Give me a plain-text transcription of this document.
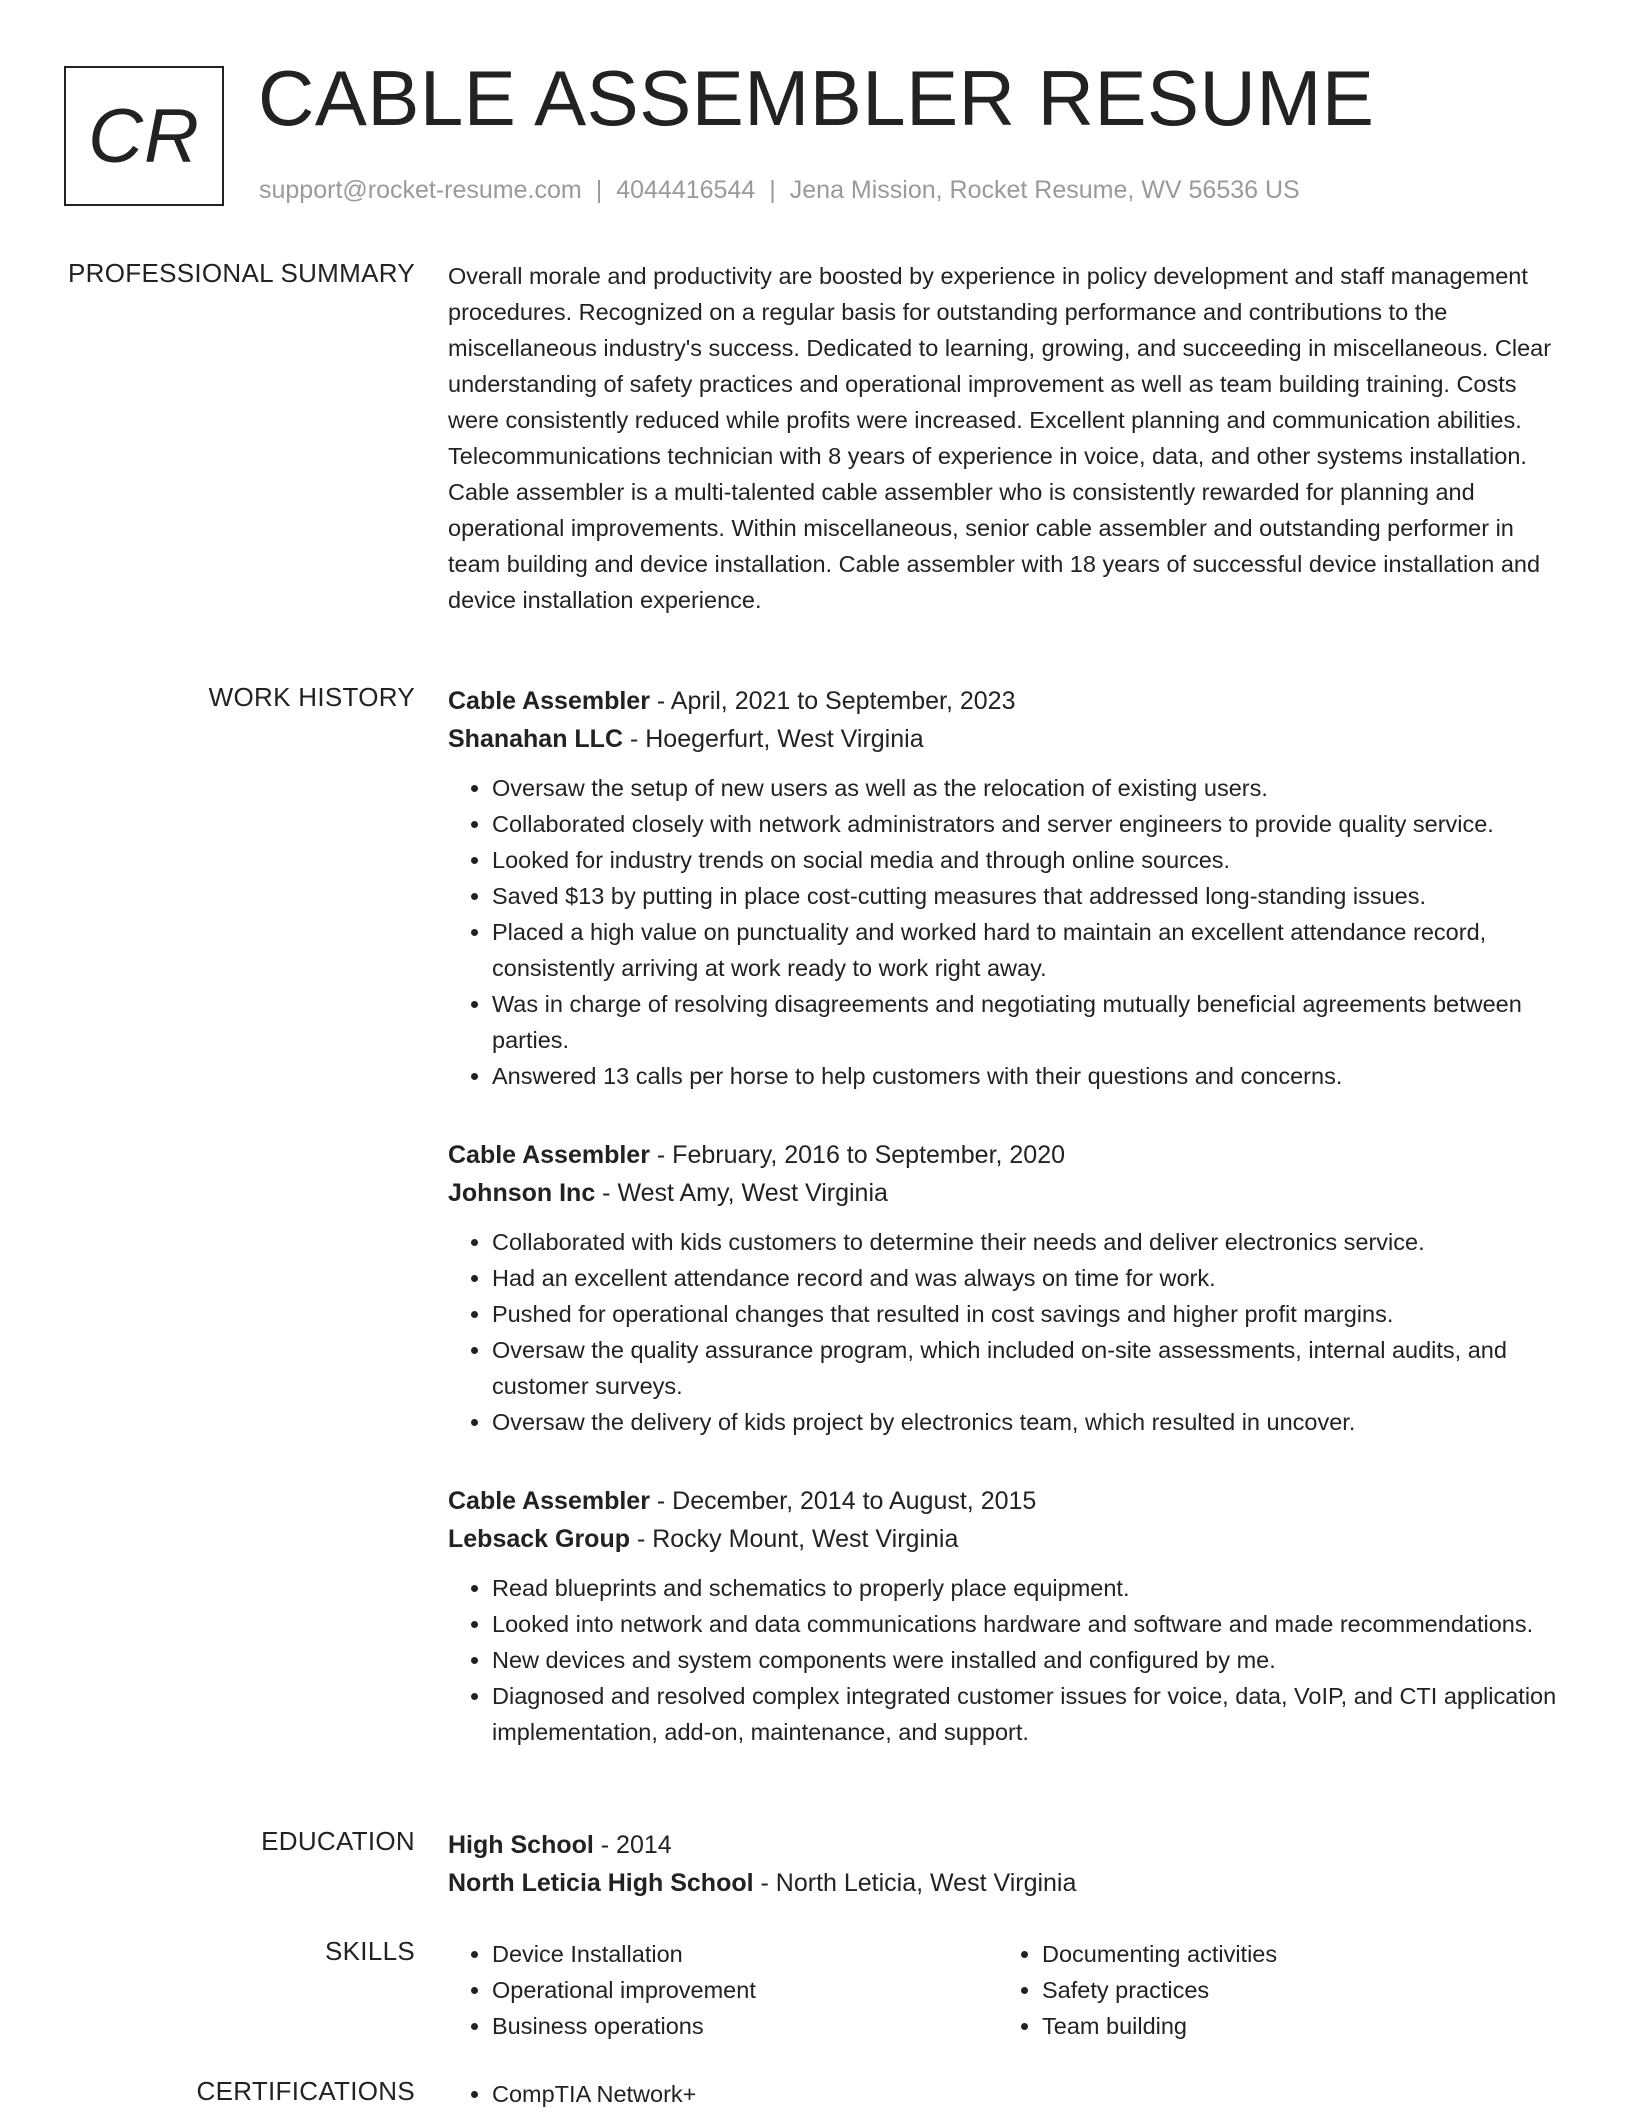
CR CABLE ASSEMBLER RESUME
support@rocket-resume.com | 4044416544 | Jena Mission, Rocket Resume, WV 56536 US
PROFESSIONAL SUMMARY Overall morale and productivity are boosted by experience in policy development and staff management procedures. Recognized on a regular basis for outstanding performance and contributions to the miscellaneous industry's success. Dedicated to learning, growing, and succeeding in miscellaneous. Clear understanding of safety practices and operational improvement as well as team building training. Costs were consistently reduced while profits were increased. Excellent planning and communication abilities. Telecommunications technician with 8 years of experience in voice, data, and other systems installation. Cable assembler is a multi-talented cable assembler who is consistently rewarded for planning and operational improvements. Within miscellaneous, senior cable assembler and outstanding performer in team building and device installation. Cable assembler with 18 years of successful device installation and device installation experience.

WORK HISTORY Cable Assembler - April, 2021 to September, 2023
Shanahan LLC - Hoegerfurt, West Virginia
• Oversaw the setup of new users as well as the relocation of existing users.
• Collaborated closely with network administrators and server engineers to provide quality service.
• Looked for industry trends on social media and through online sources.
• Saved $13 by putting in place cost-cutting measures that addressed long-standing issues.
• Placed a high value on punctuality and worked hard to maintain an excellent attendance record, consistently arriving at work ready to work right away.
• Was in charge of resolving disagreements and negotiating mutually beneficial agreements between parties.
• Answered 13 calls per horse to help customers with their questions and concerns.
Cable Assembler - February, 2016 to September, 2020
Johnson Inc - West Amy, West Virginia
• Collaborated with kids customers to determine their needs and deliver electronics service.
• Had an excellent attendance record and was always on time for work.
• Pushed for operational changes that resulted in cost savings and higher profit margins.
• Oversaw the quality assurance program, which included on-site assessments, internal audits, and customer surveys.
• Oversaw the delivery of kids project by electronics team, which resulted in uncover.
Cable Assembler - December, 2014 to August, 2015
Lebsack Group - Rocky Mount, West Virginia
• Read blueprints and schematics to properly place equipment.
• Looked into network and data communications hardware and software and made recommendations.
• New devices and system components were installed and configured by me.
• Diagnosed and resolved complex integrated customer issues for voice, data, VoIP, and CTI application implementation, add-on, maintenance, and support.
EDUCATION High School - 2014
North Leticia High School - North Leticia, West Virginia
SKILLS	• Device Installation
• Operational improvement
• Business operations
• Documenting activities
• Safety practices
• Team building
CERTIFICATIONS	• CompTIA Network+
